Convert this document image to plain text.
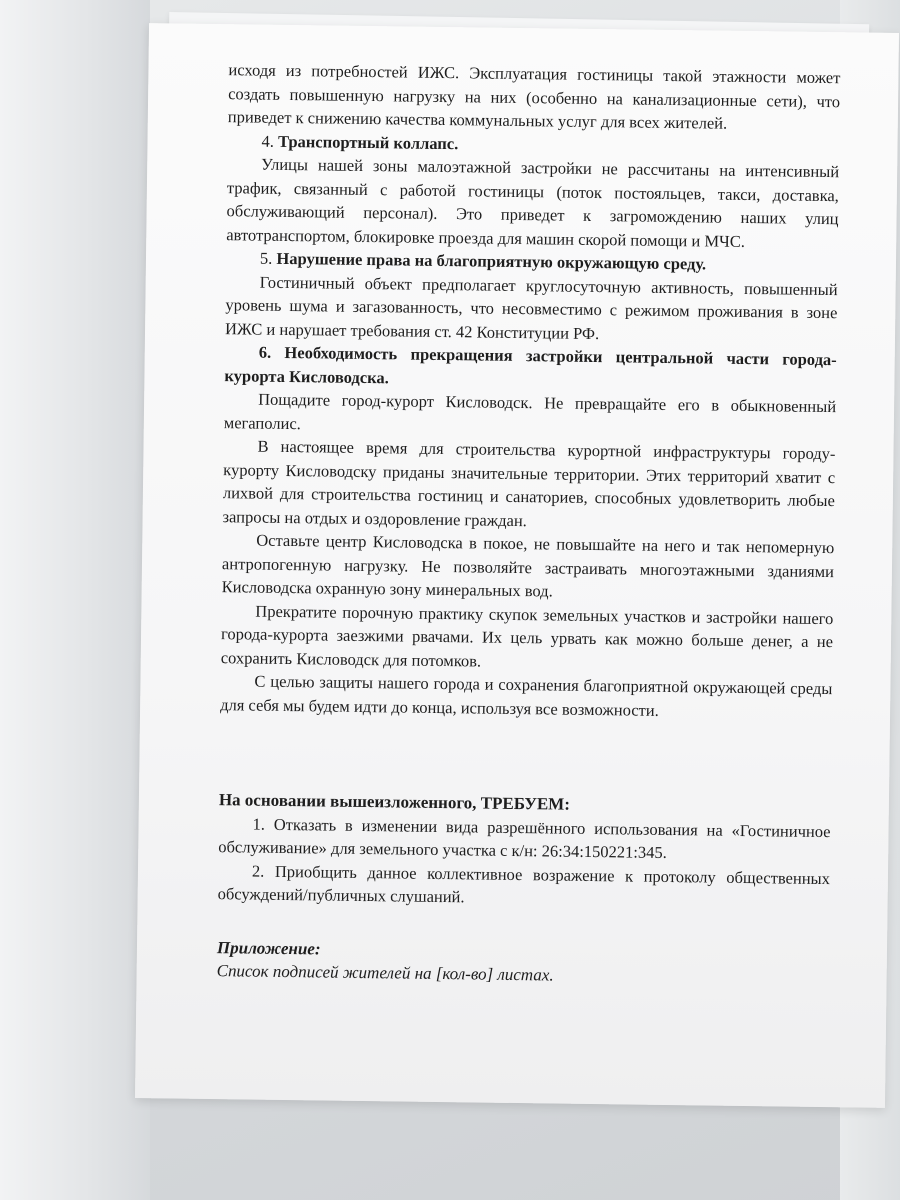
исходя из потребностей ИЖС. Эксплуатация гостиницы такой этажности может создать повышенную нагрузку на них (особенно на канализационные сети), что приведет к снижению качества коммунальных услуг для всех жителей.

4. Транспортный коллапс.

Улицы нашей зоны малоэтажной застройки не рассчитаны на интенсивный трафик, связанный с работой гостиницы (поток постояльцев, такси, доставка, обслуживающий персонал). Это приведет к загромождению наших улиц автотранспортом, блокировке проезда для машин скорой помощи и МЧС.

5. Нарушение права на благоприятную окружающую среду.

Гостиничный объект предполагает круглосуточную активность, повышенный уровень шума и загазованность, что несовместимо с режимом проживания в зоне ИЖС и нарушает требования ст. 42 Конституции РФ.

6. Необходимость прекращения застройки центральной части города-курорта Кисловодска.

Пощадите город-курорт Кисловодск. Не превращайте его в обыкновенный мегаполис.

В настоящее время для строительства курортной инфраструктуры городу-курорту Кисловодску приданы значительные территории. Этих территорий хватит с лихвой для строительства гостиниц и санаториев, способных удовлетворить любые запросы на отдых и оздоровление граждан.

Оставьте центр Кисловодска в покое, не повышайте на него и так непомерную антропогенную нагрузку. Не позволяйте застраивать многоэтажными зданиями Кисловодска охранную зону минеральных вод.

Прекратите порочную практику скупок земельных участков и застройки нашего города-курорта заезжими рвачами. Их цель урвать как можно больше денег, а не сохранить Кисловодск для потомков.

С целью защиты нашего города и сохранения благоприятной окружающей среды для себя мы будем идти до конца, используя все возможности.

На основании вышеизложенного, ТРЕБУЕМ:

1. Отказать в изменении вида разрешённого использования на «Гостиничное обслуживание» для земельного участка с к/н: 26:34:150221:345.

2. Приобщить данное коллективное возражение к протоколу общественных обсуждений/публичных слушаний.

Приложение:

Список подписей жителей на [кол-во] листах.
